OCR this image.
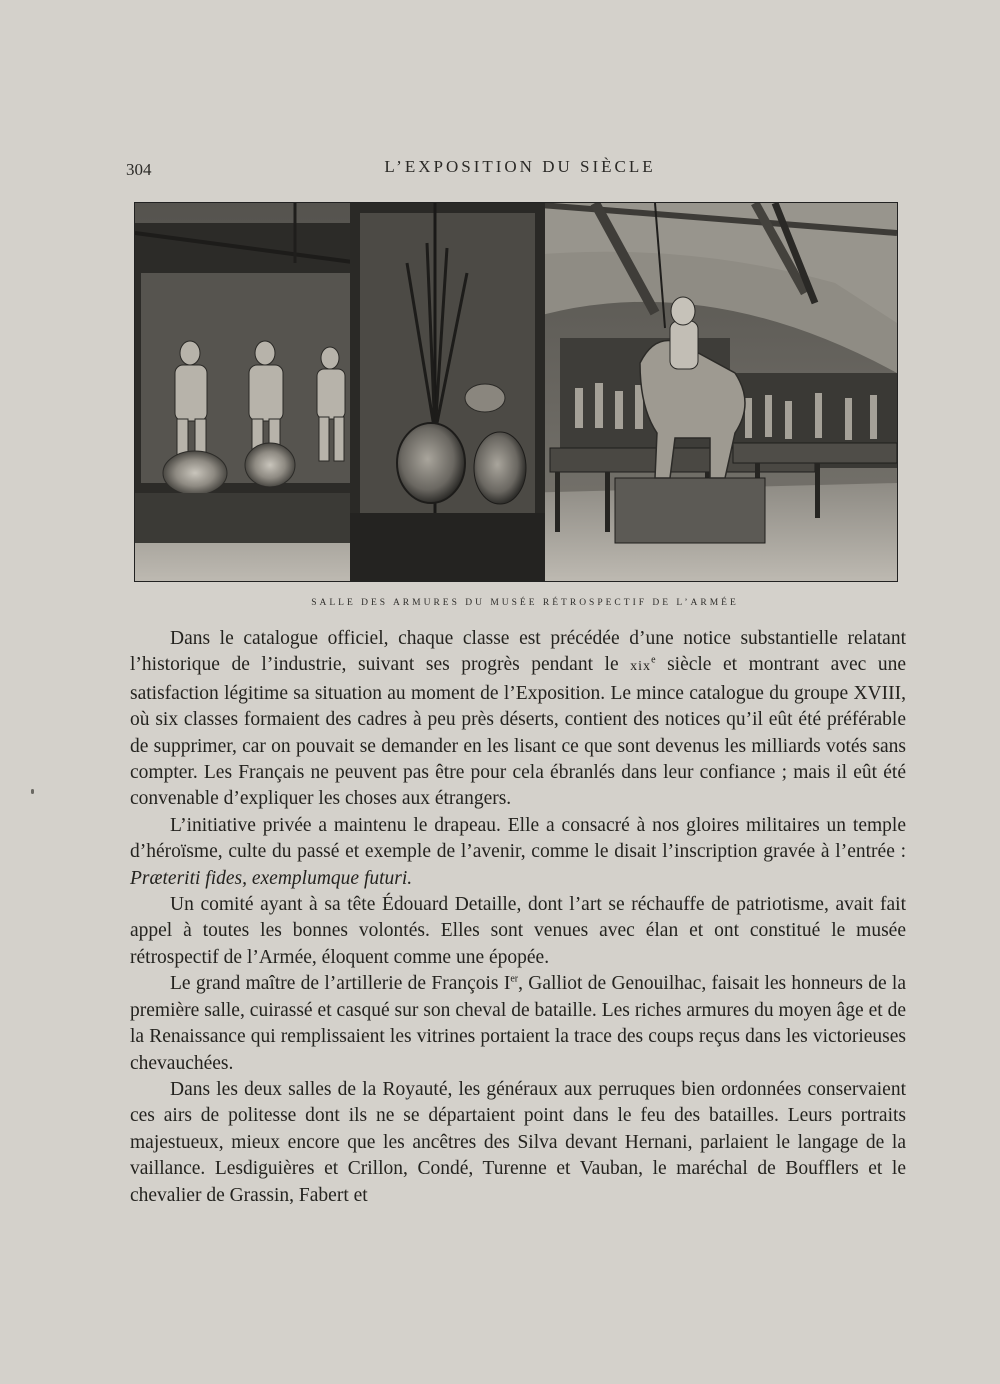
304	L’EXPOSITION DU SIÈCLE
SALLE DES ARMURES DU MUSÉE RÉTROSPECTIF DE L’ARMÉE

Dans le catalogue officiel, chaque classe est précédée d’une notice substantielle relatant l’historique de l’industrie, suivant ses progrès pendant le xix$^e$ siècle et montrant avec une satisfaction légitime sa situation au moment de l’Exposition. Le mince catalogue du groupe XVIII, où six classes formaient des cadres à peu près déserts, contient des notices qu’il eût été préférable de supprimer, car on pouvait se demander en les lisant ce que sont devenus les milliards votés sans compter. Les Français ne peuvent pas être pour cela ébranlés dans leur confiance ; mais il eût été convenable d’expliquer les choses aux étrangers.

L’initiative privée a maintenu le drapeau. Elle a consacré à nos gloires militaires un temple d’héroïsme, culte du passé et exemple de l’avenir, comme le disait l’inscription gravée à l’entrée : Præteriti fides, exemplumque futuri.

Un comité ayant à sa tête Édouard Detaille, dont l’art se réchauffe de patriotisme, avait fait appel à toutes les bonnes volontés. Elles sont venues avec élan et ont constitué le musée rétrospectif de l’Armée, éloquent comme une épopée.

Le grand maître de l’artillerie de François Ier, Galliot de Genouilhac, faisait les honneurs de la première salle, cuirassé et casqué sur son cheval de bataille. Les riches armures du moyen âge et de la Renaissance qui remplissaient les vitrines portaient la trace des coups reçus dans les victorieuses chevauchées.

Dans les deux salles de la Royauté, les généraux aux perruques bien ordonnées conservaient ces airs de politesse dont ils ne se départaient point dans le feu des batailles. Leurs portraits majestueux, mieux encore que les ancêtres des Silva devant Hernani, parlaient le langage de la vaillance. Lesdiguières et Crillon, Condé, Turenne et Vauban, le maréchal de Boufflers et le chevalier de Grassin, Fabert et
